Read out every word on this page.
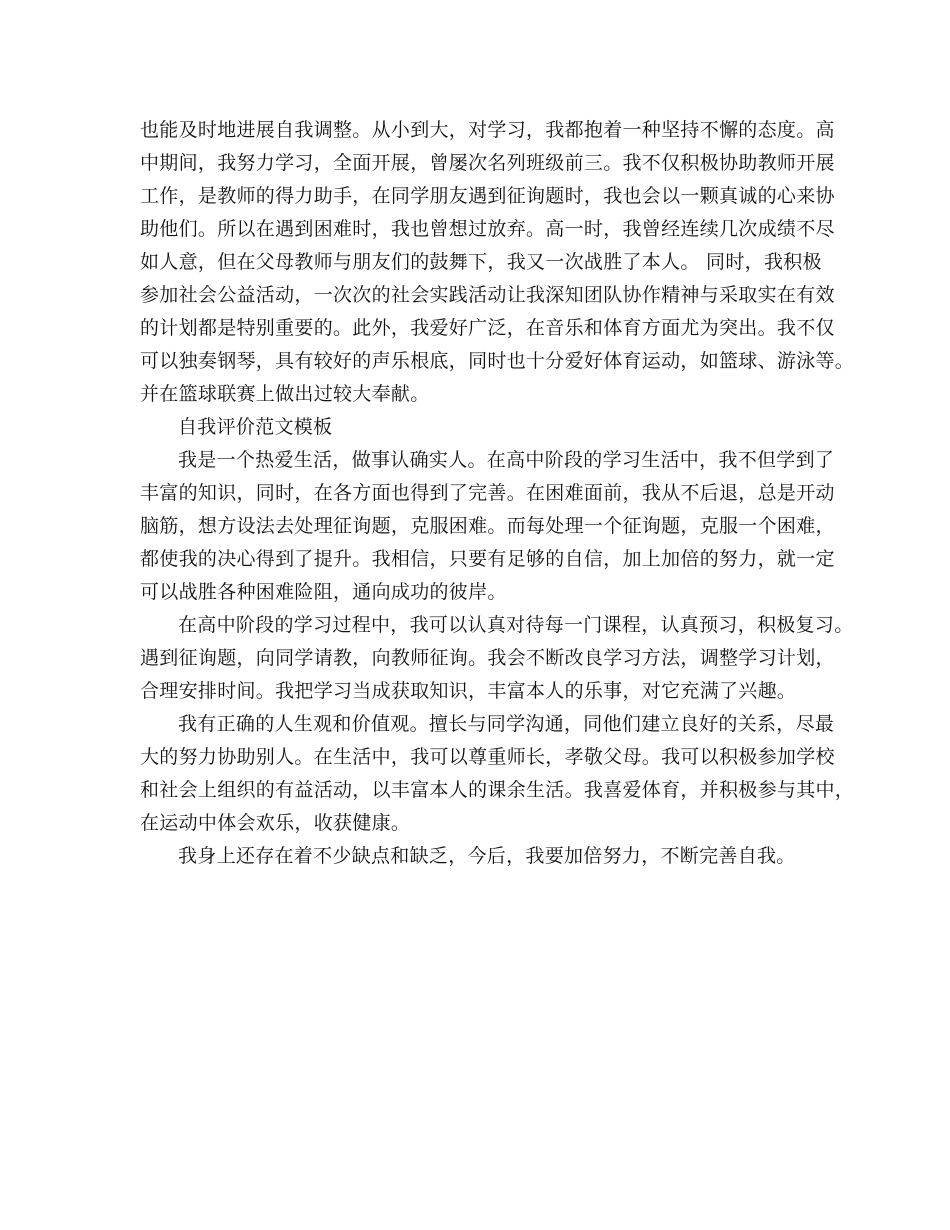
也能及时地进展自我调整。从小到大，对学习，我都抱着一种坚持不懈的态度。高
中期间，我努力学习，全面开展，曾屡次名列班级前三。我不仅积极协助教师开展
工作，是教师的得力助手，在同学朋友遇到征询题时，我也会以一颗真诚的心来协
助他们。所以在遇到困难时，我也曾想过放弃。高一时，我曾经连续几次成绩不尽
如人意，但在父母教师与朋友们的鼓舞下，我又一次战胜了本人。 同时，我积极
参加社会公益活动，一次次的社会实践活动让我深知团队协作精神与采取实在有效
的计划都是特别重要的。此外，我爱好广泛，在音乐和体育方面尤为突出。我不仅
可以独奏钢琴，具有较好的声乐根底，同时也十分爱好体育运动，如篮球、游泳等。
并在篮球联赛上做出过较大奉献。
自我评价范文模板
我是一个热爱生活，做事认确实人。在高中阶段的学习生活中，我不但学到了
丰富的知识，同时，在各方面也得到了完善。在困难面前，我从不后退，总是开动
脑筋，想方设法去处理征询题，克服困难。而每处理一个征询题，克服一个困难，
都使我的决心得到了提升。我相信，只要有足够的自信，加上加倍的努力，就一定
可以战胜各种困难险阻，通向成功的彼岸。
在高中阶段的学习过程中，我可以认真对待每一门课程，认真预习，积极复习。
遇到征询题，向同学请教，向教师征询。我会不断改良学习方法，调整学习计划，
合理安排时间。我把学习当成获取知识，丰富本人的乐事，对它充满了兴趣。
我有正确的人生观和价值观。擅长与同学沟通，同他们建立良好的关系，尽最
大的努力协助别人。在生活中，我可以尊重师长，孝敬父母。我可以积极参加学校
和社会上组织的有益活动，以丰富本人的课余生活。我喜爱体育，并积极参与其中，
在运动中体会欢乐，收获健康。
我身上还存在着不少缺点和缺乏，今后，我要加倍努力，不断完善自我。
